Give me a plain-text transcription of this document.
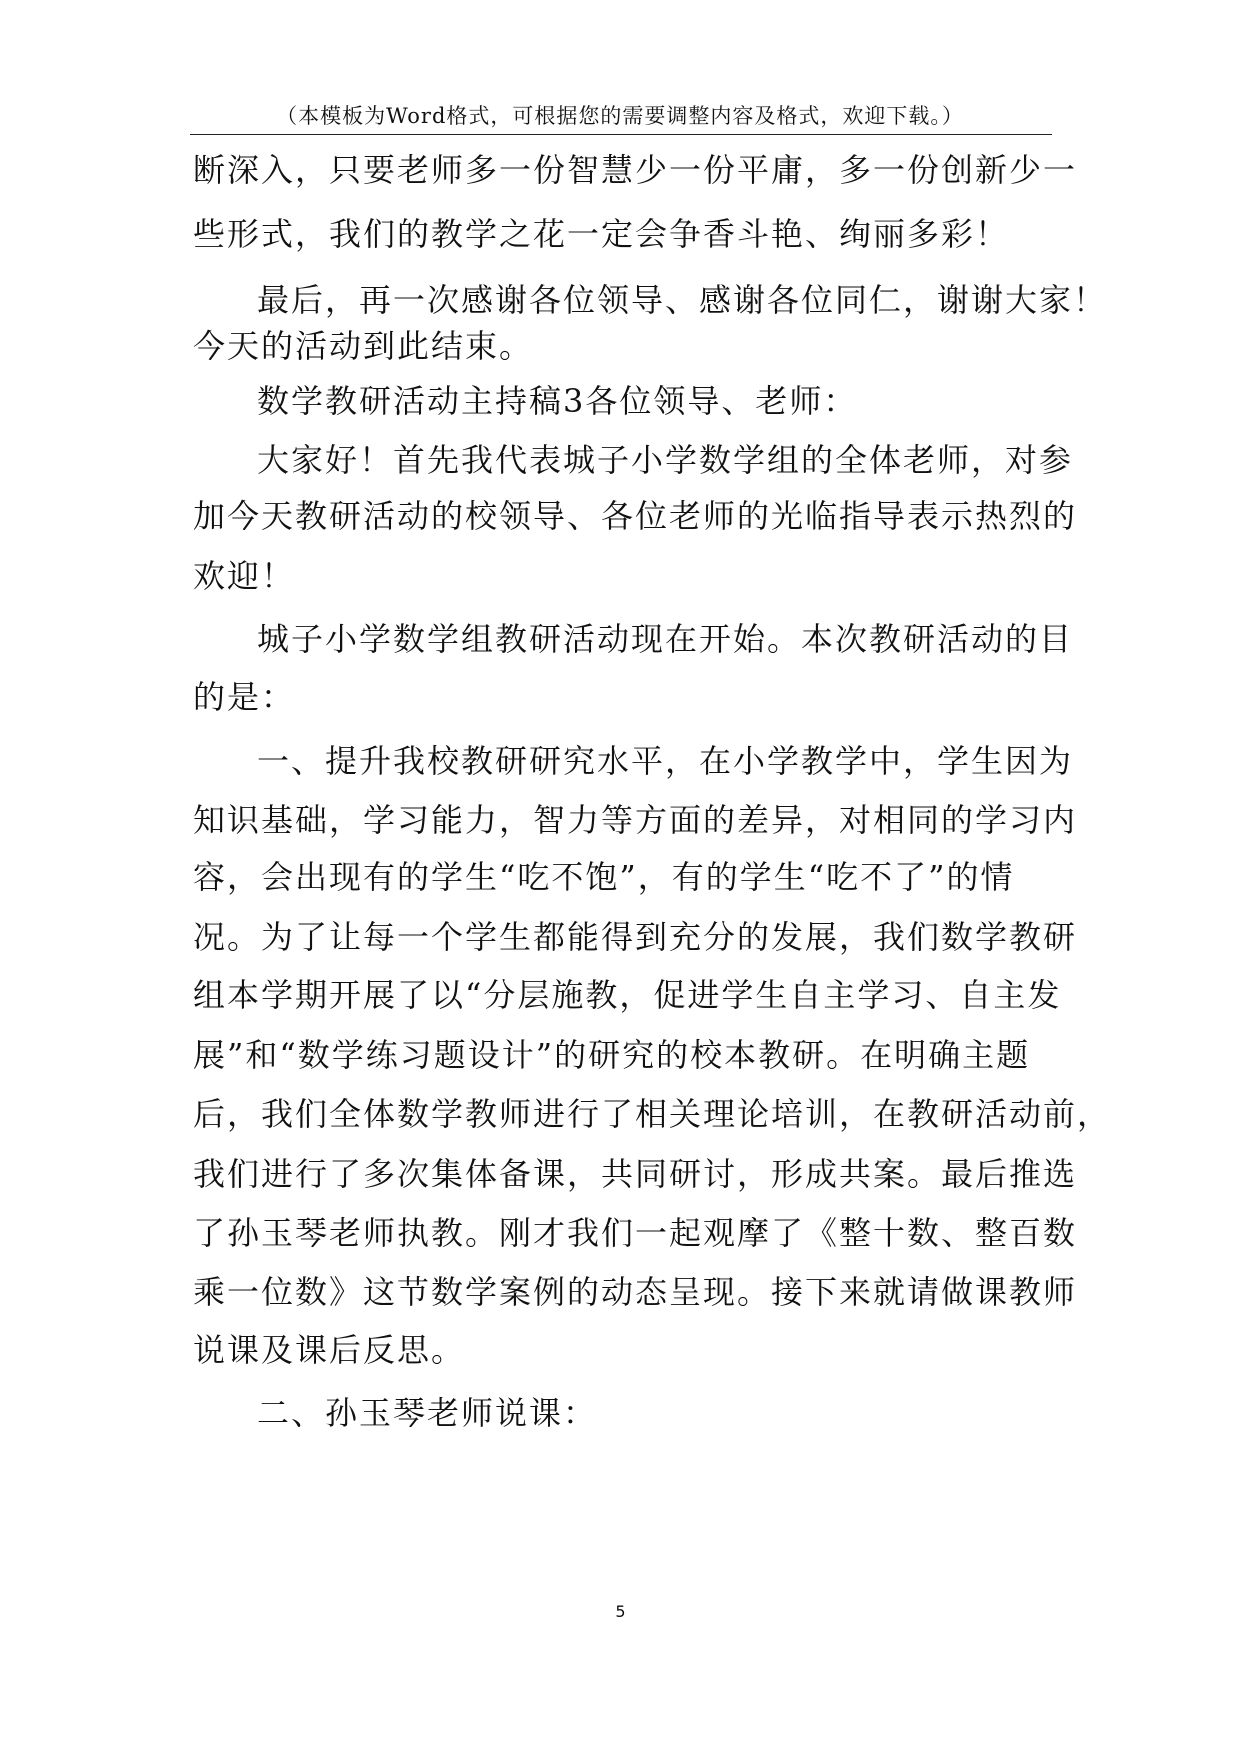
（本模板为Word格式，可根据您的需要调整内容及格式，欢迎下载。）
断深入，只要老师多一份智慧少一份平庸，多一份创新少一
些形式，我们的教学之花一定会争香斗艳、绚丽多彩！
最后，再一次感谢各位领导、感谢各位同仁，谢谢大家！
今天的活动到此结束。
数学教研活动主持稿3各位领导、老师：
大家好！首先我代表城子小学数学组的全体老师，对参
加今天教研活动的校领导、各位老师的光临指导表示热烈的
欢迎！
城子小学数学组教研活动现在开始。本次教研活动的目
的是：
一、提升我校教研研究水平，在小学教学中，学生因为
知识基础，学习能力，智力等方面的差异，对相同的学习内
容，会出现有的学生“吃不饱”，有的学生“吃不了”的情
况。为了让每一个学生都能得到充分的发展，我们数学教研
组本学期开展了以“分层施教，促进学生自主学习、自主发
展”和“数学练习题设计”的研究的校本教研。在明确主题
后，我们全体数学教师进行了相关理论培训，在教研活动前，
我们进行了多次集体备课，共同研讨，形成共案。最后推选
了孙玉琴老师执教。刚才我们一起观摩了《整十数、整百数
乘一位数》这节数学案例的动态呈现。接下来就请做课教师
说课及课后反思。
二、孙玉琴老师说课：
5
